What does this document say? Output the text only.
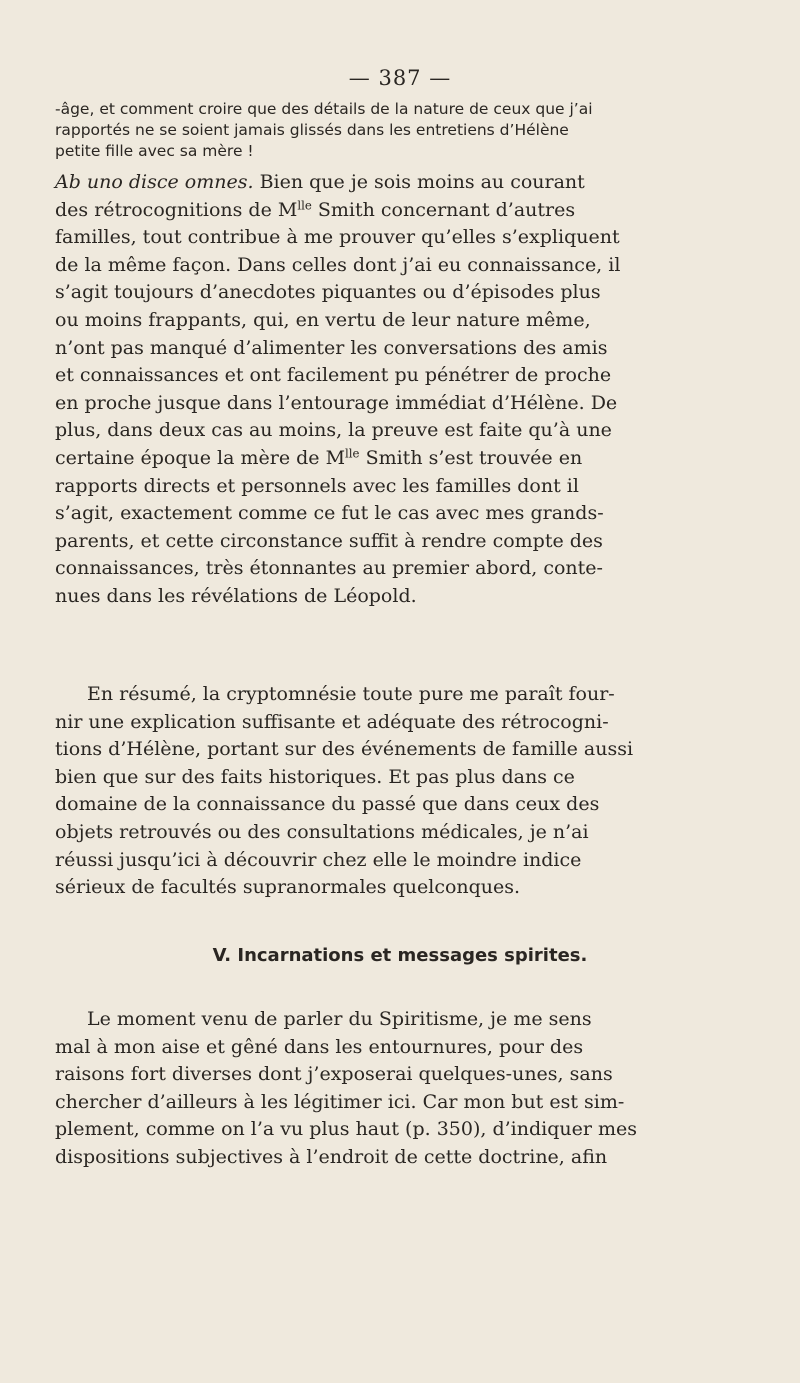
— 387 —

-âge, et comment croire que des détails de la nature de ceux que j’ai
rapportés ne se soient jamais glissés dans les entretiens d’Hélène
petite fille avec sa mère !

Ab uno disce omnes. Bien que je sois moins au courant
des rétrocognitions de $M^{lle}$ Smith concernant d’autres
familles, tout contribue à me prouver qu’elles s’expliquent
de la même façon. Dans celles dont j’ai eu connaissance, il
s’agit toujours d’anecdotes piquantes ou d’épisodes plus
ou moins frappants, qui, en vertu de leur nature même,
n’ont pas manqué d’alimenter les conversations des amis
et connaissances et ont facilement pu pénétrer de proche
en proche jusque dans l’entourage immédiat d’Hélène. De
plus, dans deux cas au moins, la preuve est faite qu’à une
certaine époque la mère de $M^{lle}$ Smith s’est trouvée en
rapports directs et personnels avec les familles dont il
s’agit, exactement comme ce fut le cas avec mes grands-
parents, et cette circonstance suffit à rendre compte des
connaissances, très étonnantes au premier abord, conte-
nues dans les révélations de Léopold.

En résumé, la cryptomnésie toute pure me paraît four-
nir une explication suffisante et adéquate des rétrocogni-
tions d’Hélène, portant sur des événements de famille aussi
bien que sur des faits historiques. Et pas plus dans ce
domaine de la connaissance du passé que dans ceux des
objets retrouvés ou des consultations médicales, je n’ai
réussi jusqu’ici à découvrir chez elle le moindre indice
sérieux de facultés supranormales quelconques.

V. Incarnations et messages spirites.

Le moment venu de parler du Spiritisme, je me sens
mal à mon aise et gêné dans les entournures, pour des
raisons fort diverses dont j’exposerai quelques-unes, sans
chercher d’ailleurs à les légitimer ici. Car mon but est sim-
plement, comme on l’a vu plus haut (p. 350), d’indiquer mes
dispositions subjectives à l’endroit de cette doctrine, afin
